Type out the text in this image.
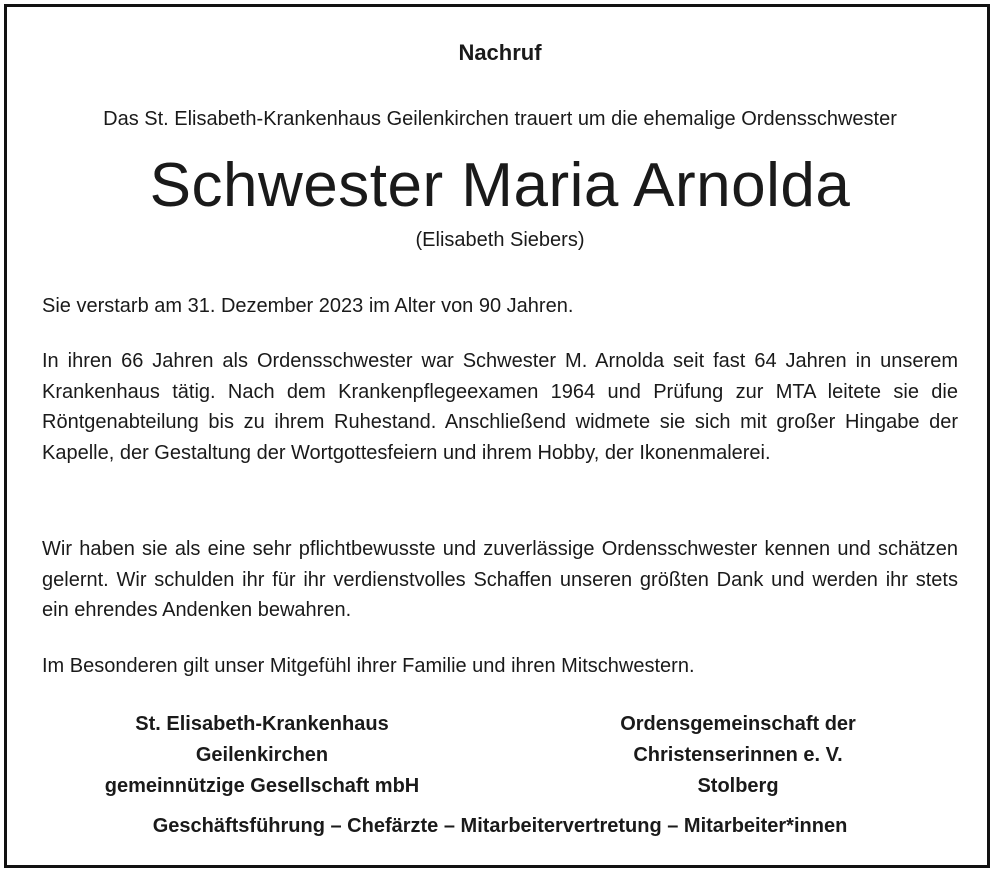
Nachruf
Das St. Elisabeth-Krankenhaus Geilenkirchen trauert um die ehemalige Ordensschwester
Schwester Maria Arnolda
(Elisabeth Siebers)
Sie verstarb am 31. Dezember 2023 im Alter von 90 Jahren.
In ihren 66 Jahren als Ordensschwester war Schwester M. Arnolda seit fast 64 Jahren in unserem Krankenhaus tätig. Nach dem Krankenpflegeexamen 1964 und Prüfung zur MTA leitete sie die Röntgenabteilung bis zu ihrem Ruhestand. Anschließend widmete sie sich mit großer Hingabe der Kapelle, der Gestaltung der Wortgottesfeiern und ihrem Hobby, der Ikonenmalerei.
Wir haben sie als eine sehr pflichtbewusste und zuverlässige Ordensschwester kennen und schätzen gelernt. Wir schulden ihr für ihr verdienstvolles Schaffen unseren größten Dank und werden ihr stets ein ehrendes Andenken bewahren.
Im Besonderen gilt unser Mitgefühl ihrer Familie und ihren Mitschwestern.
St. Elisabeth-Krankenhaus
Geilenkirchen
gemeinnützige Gesellschaft mbH
Ordensgemeinschaft der
Christenserinnen e. V.
Stolberg
Geschäftsführung – Chefärzte – Mitarbeitervertretung – Mitarbeiter*innen
